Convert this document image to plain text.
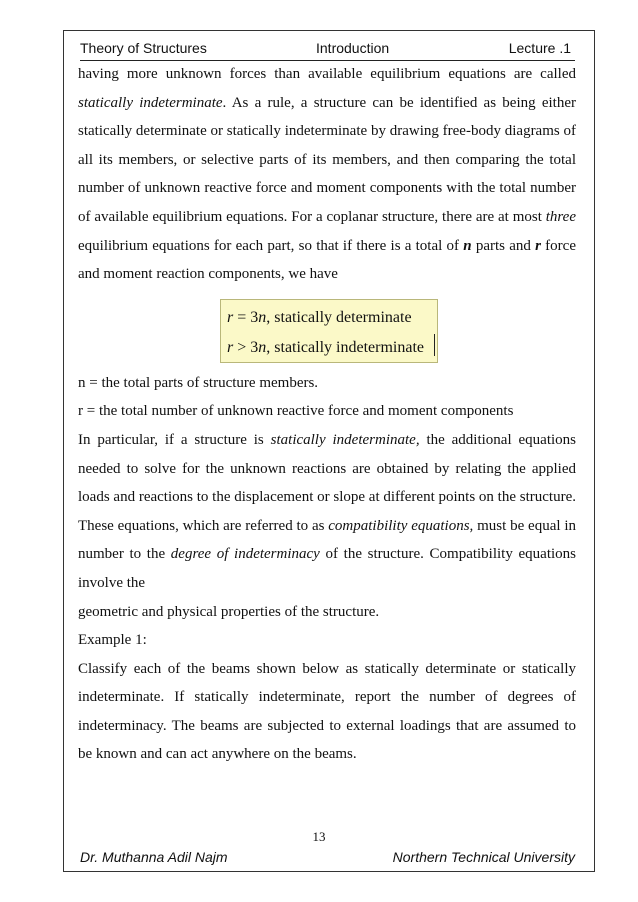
Theory of Structures	Introduction	Lecture .1

having more unknown forces than available equilibrium equations are called

statically indeterminate. As a rule, a structure can be identified as being either

statically determinate or statically indeterminate by drawing free-body diagrams of

all its members, or selective parts of its members, and then comparing the total

number of unknown reactive force and moment components with the total number

of available equilibrium equations. For a coplanar structure, there are at most three

equilibrium equations for each part, so that if there is a total of n parts and r force

and moment reaction components, we have

r = 3n, statically determinate
r > 3n, statically indeterminate

n = the total parts of structure members.

r = the total number of unknown reactive force and moment components

In particular, if a structure is statically indeterminate, the additional equations

needed to solve for the unknown reactions are obtained by relating the applied

loads and reactions to the displacement or slope at different points on the structure.

These equations, which are referred to as compatibility equations, must be equal in

number to the degree of indeterminacy of the structure. Compatibility equations

involve the

geometric and physical properties of the structure.

Example 1:

Classify each of the beams shown below as statically determinate or statically

indeterminate. If statically indeterminate, report the number of degrees of

indeterminacy. The beams are subjected to external loadings that are assumed to

be known and can act anywhere on the beams.

13
Dr. Muthanna Adil Najm	Northern Technical University
